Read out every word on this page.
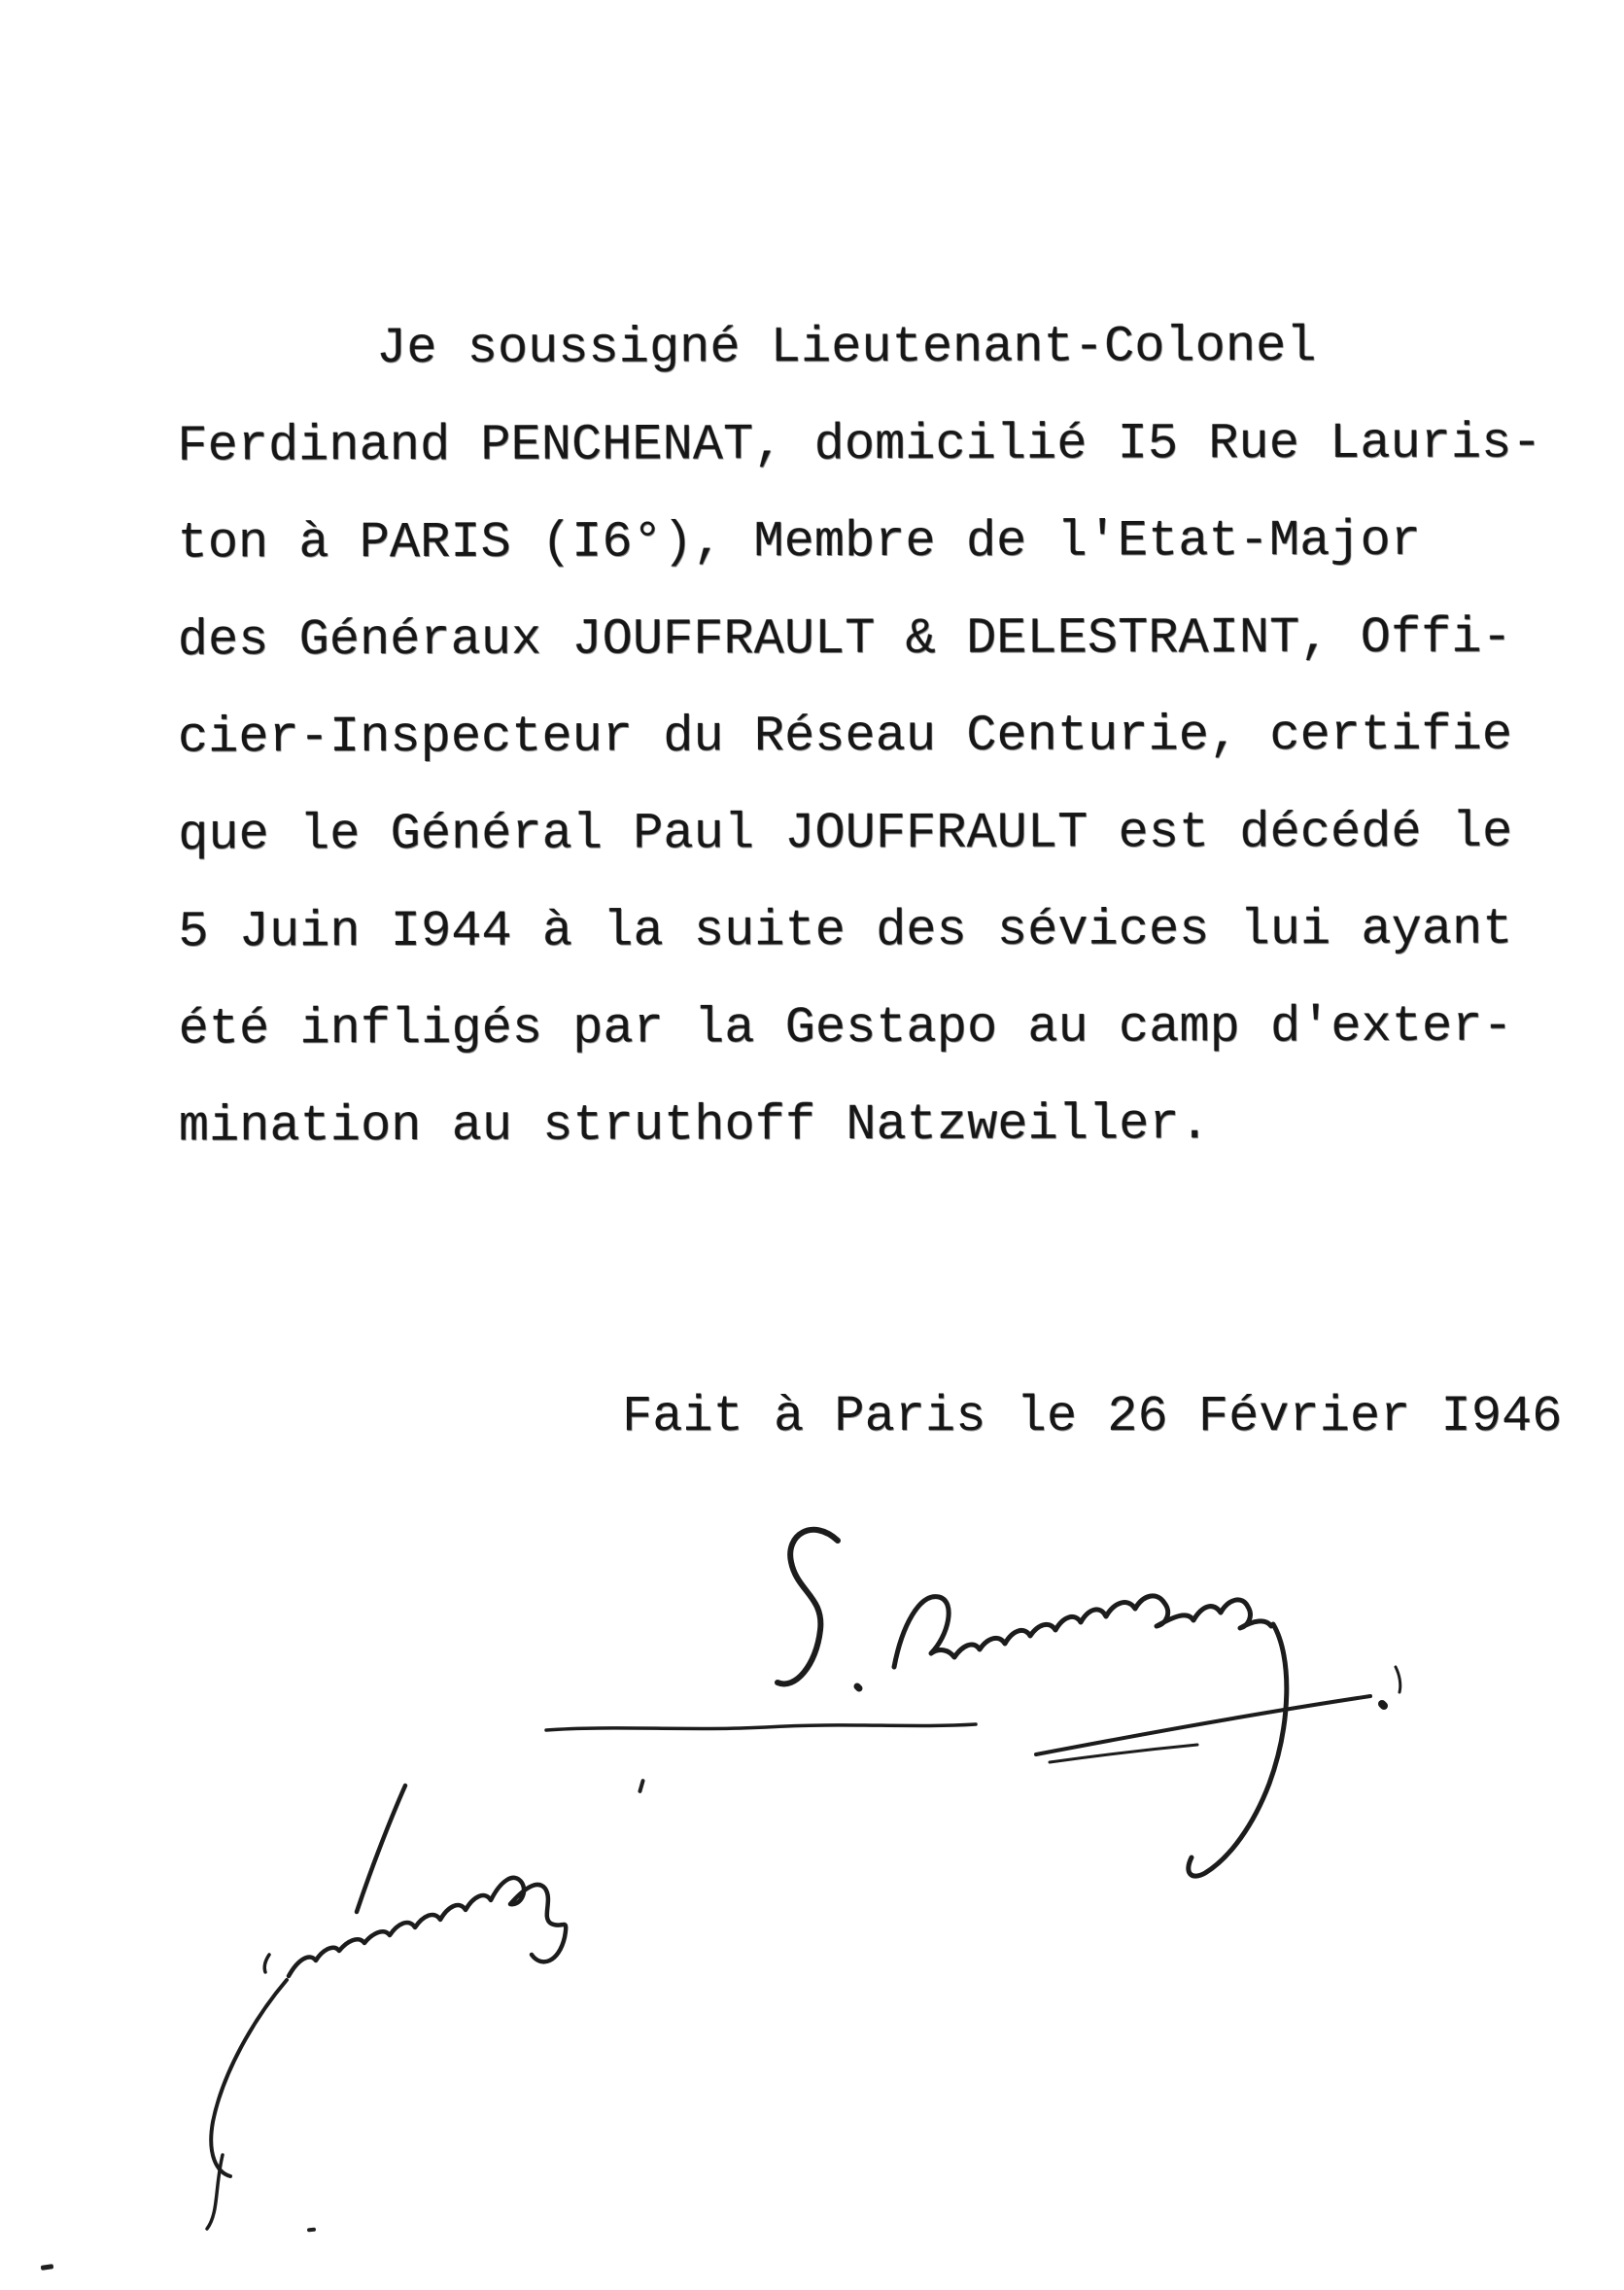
Je soussigné Lieutenant-Colonel
Ferdinand PENCHENAT, domicilié I5 Rue Lauris-
ton à PARIS (I6°), Membre de l'Etat-Major
des Généraux JOUFFRAULT & DELESTRAINT, Offi-
cier-Inspecteur du Réseau Centurie, certifie
que le Général Paul JOUFFRAULT est décédé le
5 Juin I944 à la suite des sévices lui ayant
été infligés par la Gestapo au camp d'exter-
mination au struthoff Natzweiller.
Fait à Paris le 26 Février I946
